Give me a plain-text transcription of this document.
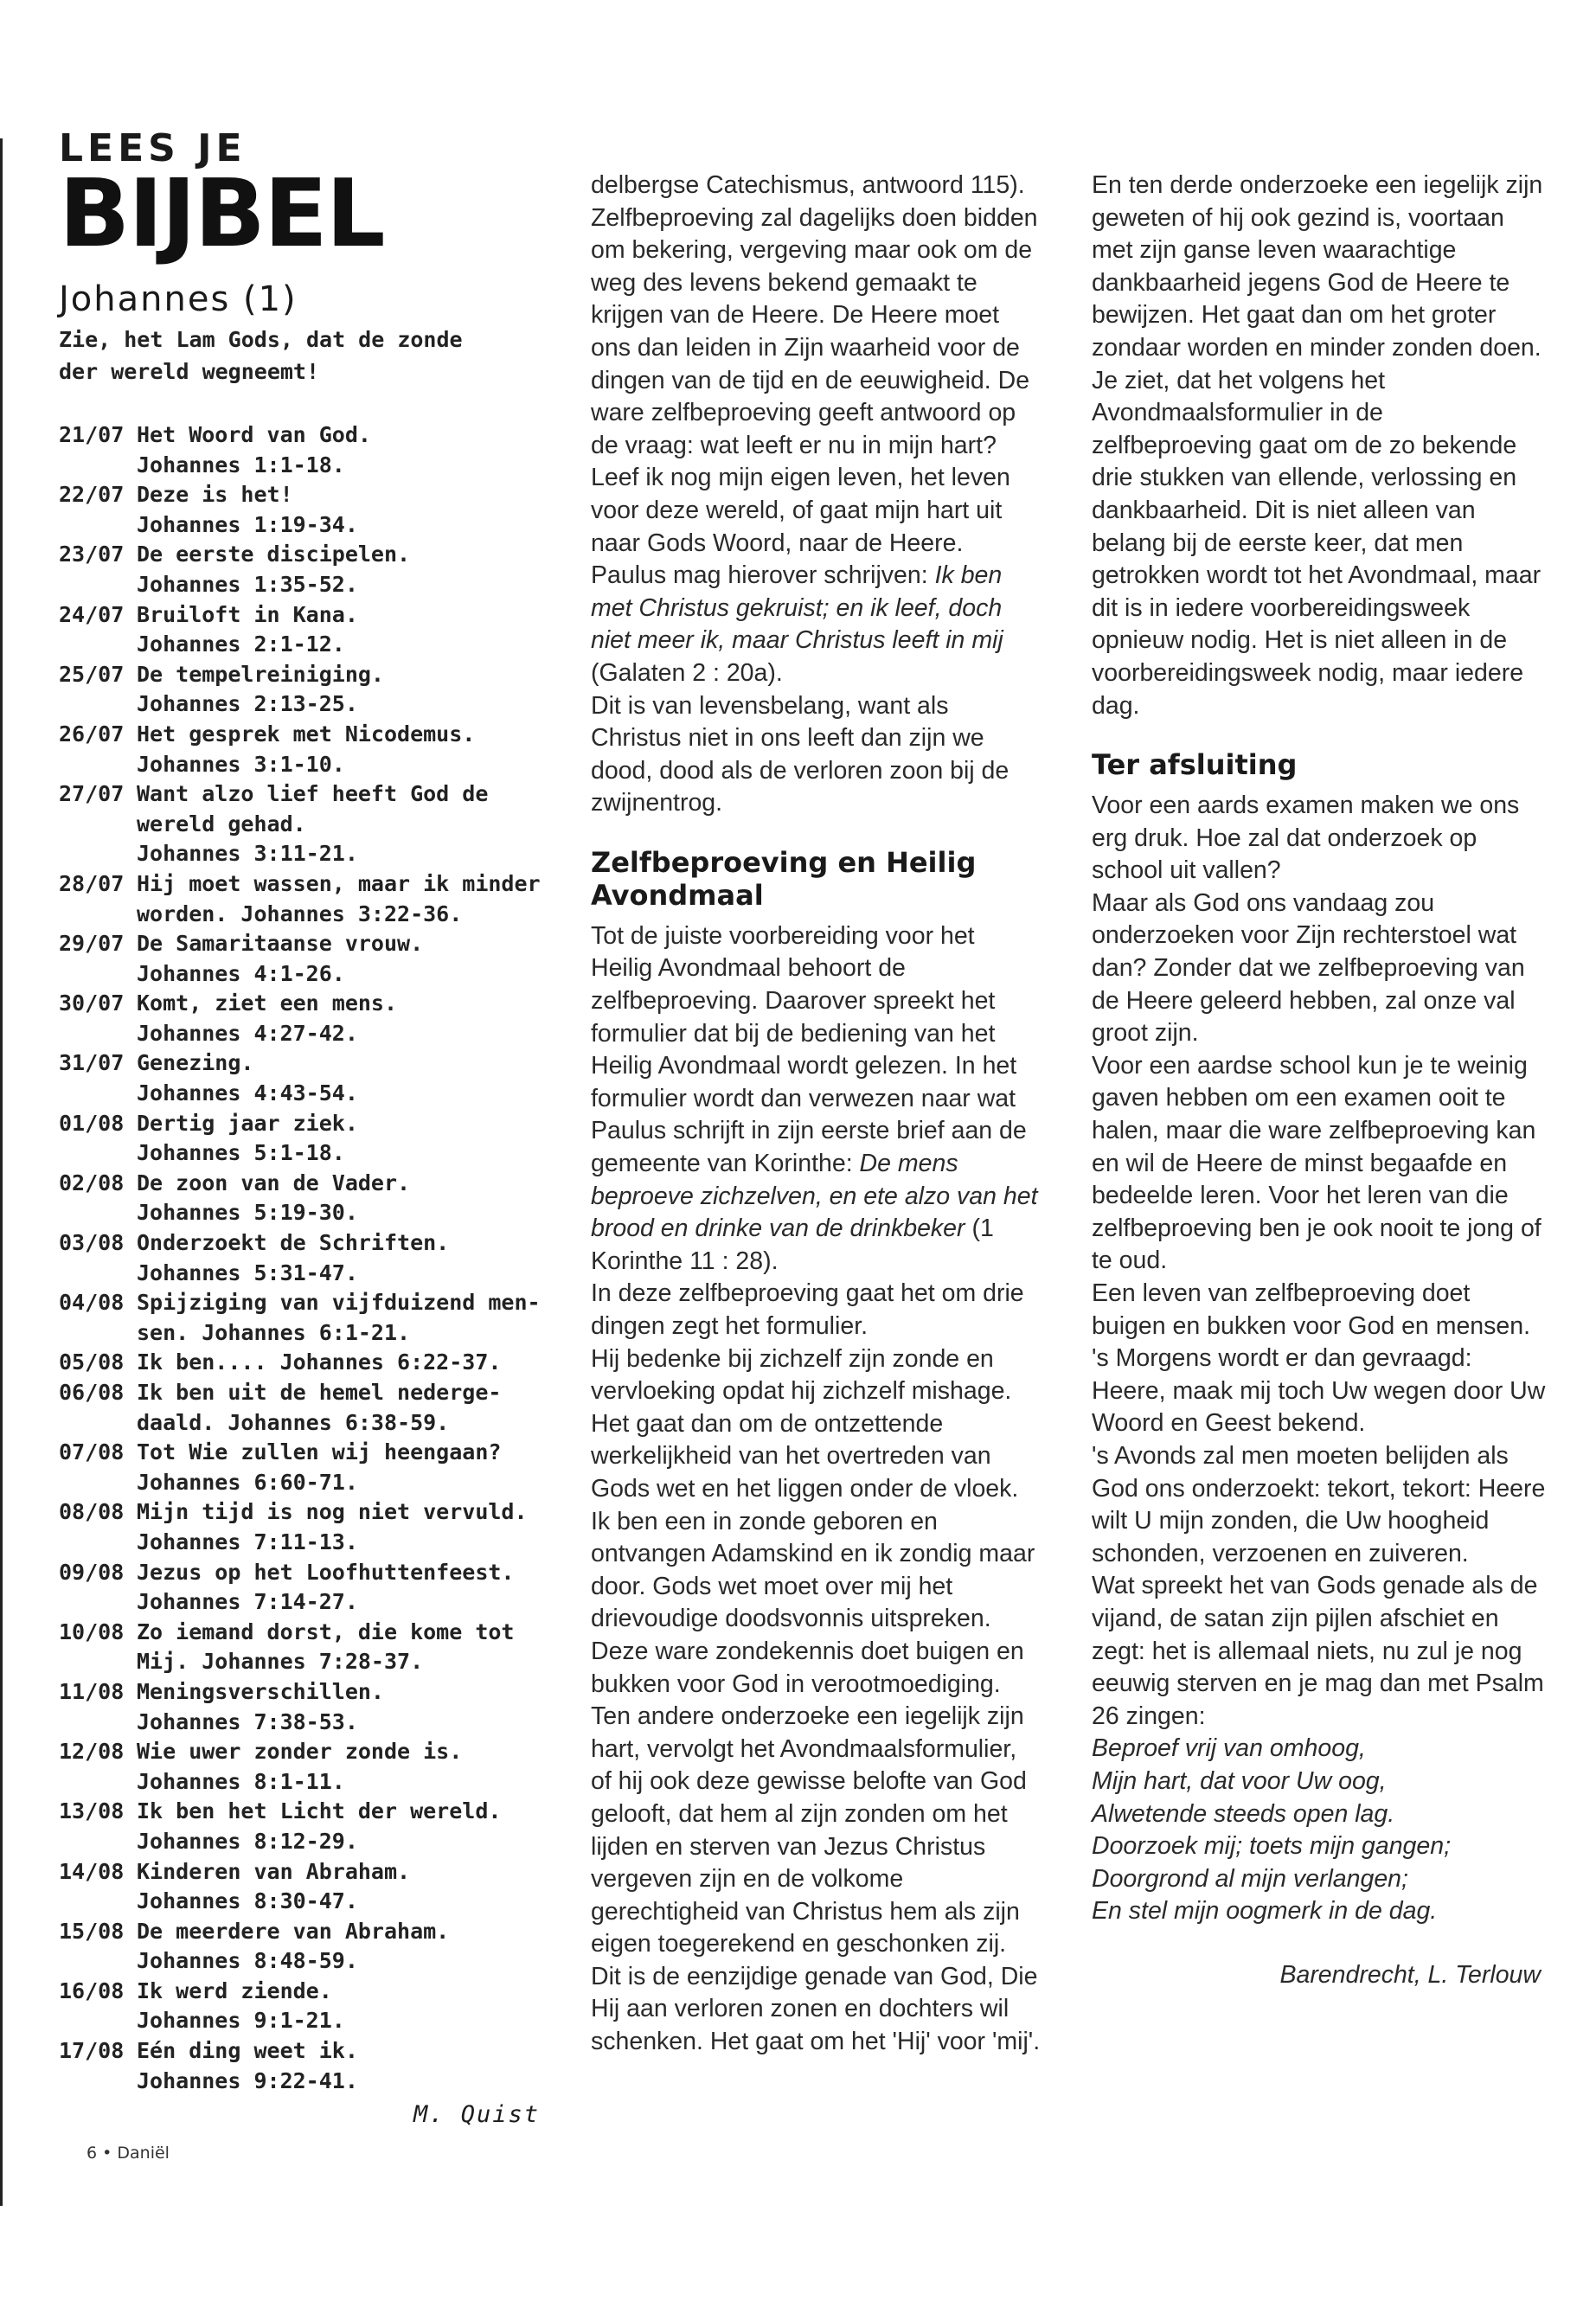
LEES JE
BIJBEL
Johannes (1)
Zie, het Lam Gods, dat de zonde
der wereld wegneemt!
21/07 Het Woord van God.
Johannes 1:1-18.
22/07 Deze is het!
Johannes 1:19-34.
23/07 De eerste discipelen.
Johannes 1:35-52.
24/07 Bruiloft in Kana.
Johannes 2:1-12.
25/07 De tempelreiniging.
Johannes 2:13-25.
26/07 Het gesprek met Nicodemus.
Johannes 3:1-10.
27/07 Want alzo lief heeft God de
wereld gehad.
Johannes 3:11-21.
28/07 Hij moet wassen, maar ik minder
worden. Johannes 3:22-36.
29/07 De Samaritaanse vrouw.
Johannes 4:1-26.
30/07 Komt, ziet een mens.
Johannes 4:27-42.
31/07 Genezing.
Johannes 4:43-54.
01/08 Dertig jaar ziek.
Johannes 5:1-18.
02/08 De zoon van de Vader.
Johannes 5:19-30.
03/08 Onderzoekt de Schriften.
Johannes 5:31-47.
04/08 Spijziging van vijfduizend men-
sen. Johannes 6:1-21.
05/08 Ik ben.... Johannes 6:22-37.
06/08 Ik ben uit de hemel nederge-
daald. Johannes 6:38-59.
07/08 Tot Wie zullen wij heengaan?
Johannes 6:60-71.
08/08 Mijn tijd is nog niet vervuld.
Johannes 7:11-13.
09/08 Jezus op het Loofhuttenfeest.
Johannes 7:14-27.
10/08 Zo iemand dorst, die kome tot
Mij. Johannes 7:28-37.
11/08 Meningsverschillen.
Johannes 7:38-53.
12/08 Wie uwer zonder zonde is.
Johannes 8:1-11.
13/08 Ik ben het Licht der wereld.
Johannes 8:12-29.
14/08 Kinderen van Abraham.
Johannes 8:30-47.
15/08 De meerdere van Abraham.
Johannes 8:48-59.
16/08 Ik werd ziende.
Johannes 9:1-21.
17/08 Eén ding weet ik.
Johannes 9:22-41.
M. Quist
6 • Daniël

delbergse Catechismus, antwoord 115). Zelfbeproeving zal dagelijks doen bidden om bekering, vergeving maar ook om de weg des levens bekend gemaakt te krijgen van de Heere. De Heere moet ons dan leiden in Zijn waarheid voor de dingen van de tijd en de eeuwigheid. De ware zelfbeproeving geeft antwoord op de vraag: wat leeft er nu in mijn hart? Leef ik nog mijn eigen leven, het leven voor deze wereld, of gaat mijn hart uit naar Gods Woord, naar de Heere. Paulus mag hierover schrijven: Ik ben met Christus gekruist; en ik leef, doch niet meer ik, maar Christus leeft in mij (Galaten 2 : 20a).

Dit is van levensbelang, want als Christus niet in ons leeft dan zijn we dood, dood als de verloren zoon bij de zwijnentrog.

Zelfbeproeving en Heilig Avondmaal

Tot de juiste voorbereiding voor het Heilig Avondmaal behoort de zelfbeproeving. Daarover spreekt het formulier dat bij de bediening van het Heilig Avondmaal wordt gelezen. In het formulier wordt dan verwezen naar wat Paulus schrijft in zijn eerste brief aan de gemeente van Korinthe: De mens beproeve zichzelven, en ete alzo van het brood en drinke van de drinkbeker (1 Korinthe 11 : 28).

In deze zelfbeproeving gaat het om drie dingen zegt het formulier.

Hij bedenke bij zichzelf zijn zonde en vervloeking opdat hij zichzelf mishage. Het gaat dan om de ontzettende werkelijkheid van het overtreden van Gods wet en het liggen onder de vloek. Ik ben een in zonde geboren en ontvangen Adamskind en ik zondig maar door. Gods wet moet over mij het drievoudige doodsvonnis uitspreken. Deze ware zondekennis doet buigen en bukken voor God in verootmoediging.

Ten andere onderzoeke een iegelijk zijn hart, vervolgt het Avondmaalsformulier, of hij ook deze gewisse belofte van God gelooft, dat hem al zijn zonden om het lijden en sterven van Jezus Christus vergeven zijn en de volkome gerechtigheid van Christus hem als zijn eigen toegerekend en geschonken zij.

Dit is de eenzijdige genade van God, Die Hij aan verloren zonen en dochters wil schenken. Het gaat om het 'Hij' voor 'mij'.

En ten derde onderzoeke een iegelijk zijn geweten of hij ook gezind is, voortaan met zijn ganse leven waarachtige dankbaarheid jegens God de Heere te bewijzen. Het gaat dan om het groter zondaar worden en minder zonden doen.

Je ziet, dat het volgens het Avondmaalsformulier in de zelfbeproeving gaat om de zo bekende drie stukken van ellende, verlossing en dankbaarheid. Dit is niet alleen van belang bij de eerste keer, dat men getrokken wordt tot het Avondmaal, maar dit is in iedere voorbereidingsweek opnieuw nodig. Het is niet alleen in de voorbereidingsweek nodig, maar iedere dag.

Ter afsluiting

Voor een aards examen maken we ons erg druk. Hoe zal dat onderzoek op school uit vallen?

Maar als God ons vandaag zou onderzoeken voor Zijn rechterstoel wat dan? Zonder dat we zelfbeproeving van de Heere geleerd hebben, zal onze val groot zijn.

Voor een aardse school kun je te weinig gaven hebben om een examen ooit te halen, maar die ware zelfbeproeving kan en wil de Heere de minst begaafde en bedeelde leren. Voor het leren van die zelfbeproeving ben je ook nooit te jong of te oud.

Een leven van zelfbeproeving doet buigen en bukken voor God en mensen. 's Morgens wordt er dan gevraagd: Heere, maak mij toch Uw wegen door Uw Woord en Geest bekend.

's Avonds zal men moeten belijden als God ons onderzoekt: tekort, tekort: Heere wilt U mijn zonden, die Uw hoogheid schonden, verzoenen en zuiveren.

Wat spreekt het van Gods genade als de vijand, de satan zijn pijlen afschiet en zegt: het is allemaal niets, nu zul je nog eeuwig sterven en je mag dan met Psalm 26 zingen:

Beproef vrij van omhoog,
Mijn hart, dat voor Uw oog,
Alwetende steeds open lag.
Doorzoek mij; toets mijn gangen;
Doorgrond al mijn verlangen;
En stel mijn oogmerk in de dag.

Barendrecht, L. Terlouw
